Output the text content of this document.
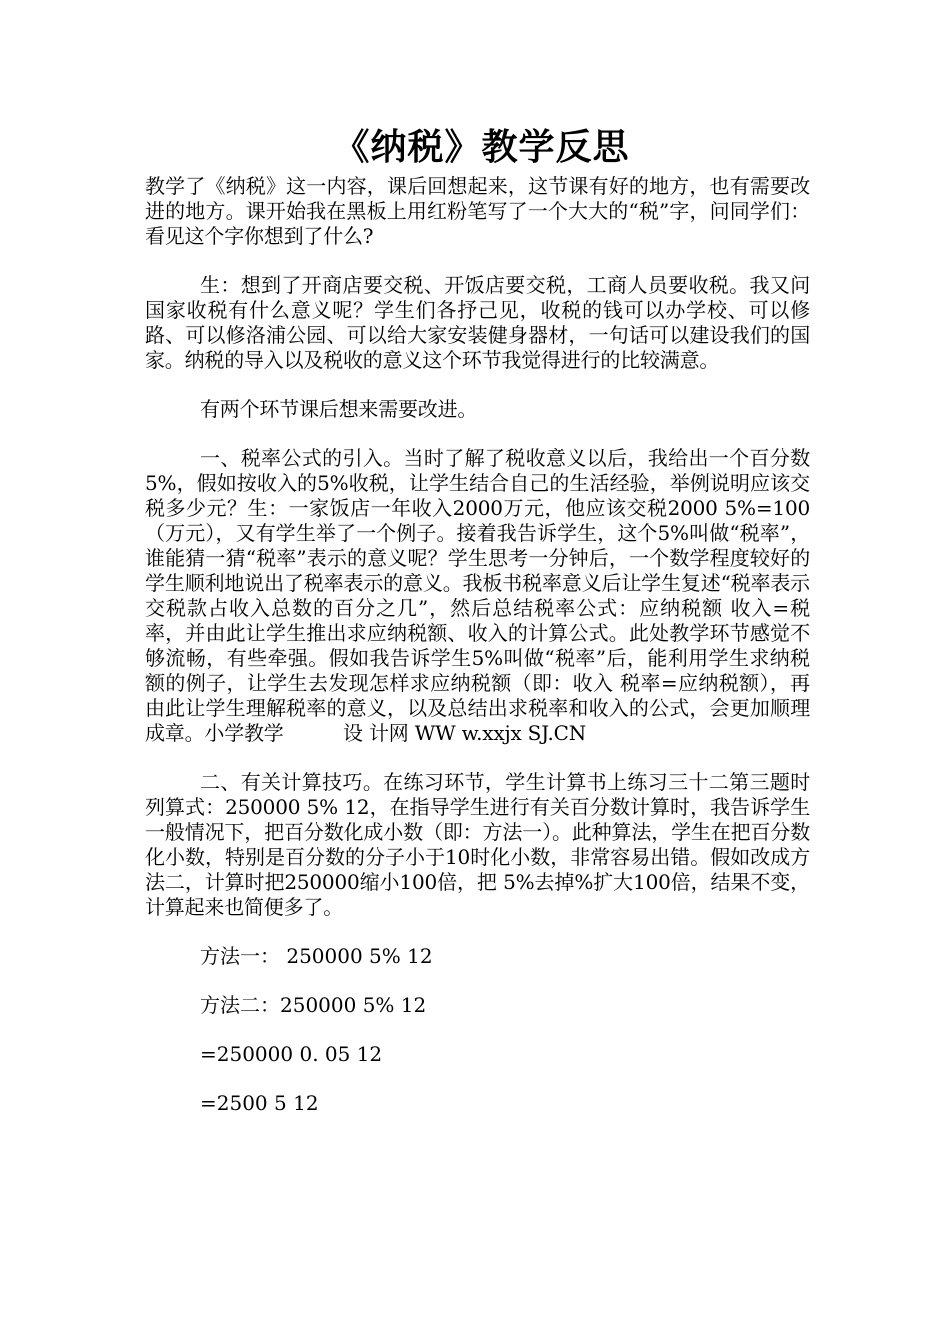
《纳税》教学反思

教学了《纳税》这一内容，课后回想起来，这节课有好的地方，也有需要改进的地方。课开始我在黑板上用红粉笔写了一个大大的“税”字，问同学们：看见这个字你想到了什么?

生：想到了开商店要交税、开饭店要交税，工商人员要收税。我又问国家收税有什么意义呢？学生们各抒己见，收税的钱可以办学校、可以修路、可以修洛浦公园、可以给大家安装健身器材，一句话可以建设我们的国家。纳税的导入以及税收的意义这个环节我觉得进行的比较满意。

有两个环节课后想来需要改进。

一、税率公式的引入。当时了解了税收意义以后，我给出一个百分数5%，假如按收入的5%收税，让学生结合自己的生活经验，举例说明应该交税多少元？生：一家饭店一年收入2000万元，他应该交税2000 5%=100（万元），又有学生举了一个例子。接着我告诉学生，这个5%叫做“税率”，谁能猜一猜“税率”表示的意义呢？学生思考一分钟后，一个数学程度较好的学生顺利地说出了税率表示的意义。我板书税率意义后让学生复述“税率表示交税款占收入总数的百分之几”，然后总结税率公式：应纳税额 收入=税率，并由此让学生推出求应纳税额、收入的计算公式。此处教学环节感觉不够流畅，有些牵强。假如我告诉学生5%叫做“税率”后，能利用学生求纳税额的例子，让学生去发现怎样求应纳税额（即：收入 税率=应纳税额），再由此让学生理解税率的意义，以及总结出求税率和收入的公式，会更加顺理成章。小学教学　　　设 计网 WW w.xxjx SJ.CN

二、有关计算技巧。在练习环节，学生计算书上练习三十二第三题时列算式：250000 5% 12，在指导学生进行有关百分数计算时，我告诉学生一般情况下，把百分数化成小数（即：方法一）。此种算法，学生在把百分数化小数，特别是百分数的分子小于10时化小数，非常容易出错。假如改成方法二，计算时把250000缩小100倍，把 5%去掉%扩大100倍，结果不变，计算起来也简便多了。

方法一： 250000 5% 12

方法二：250000 5% 12

=250000 0. 05 12

=2500 5 12
